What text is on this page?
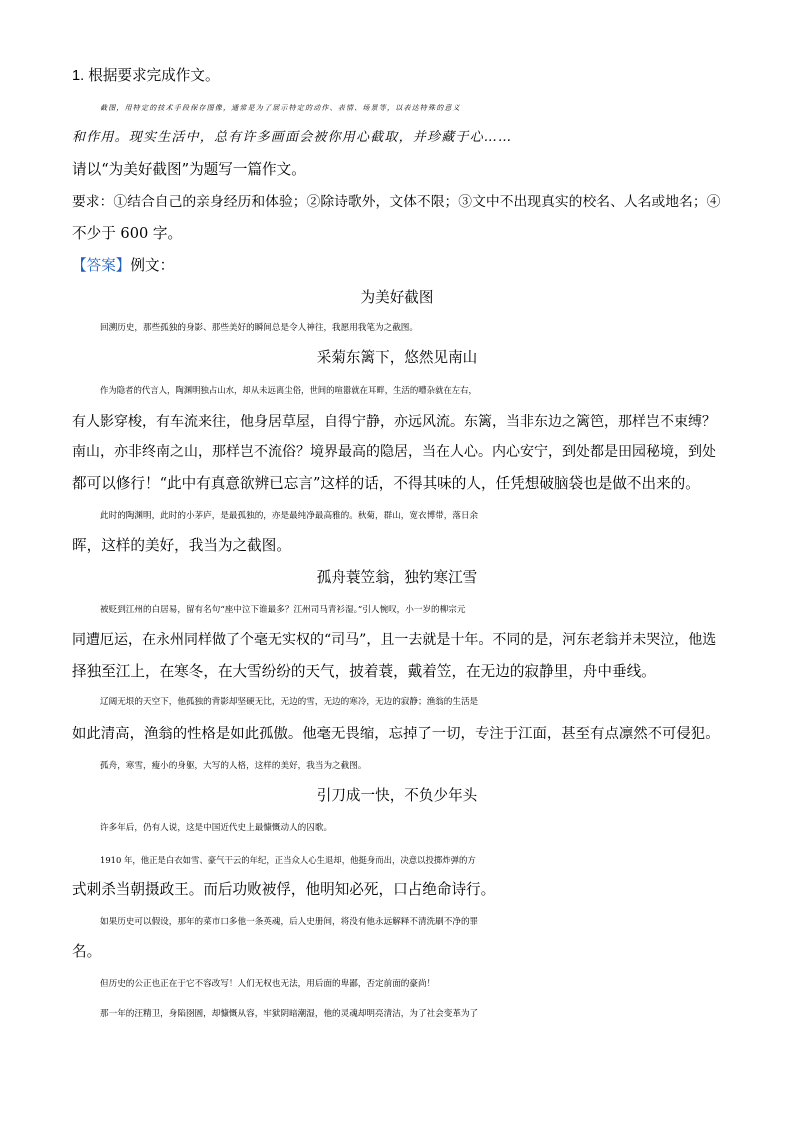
1. 根据要求完成作文。
截图，用特定的技术手段保存图像，通常是为了展示特定的动作、表情、场景等，以表达特殊的意义
和作用。现实生活中，总有许多画面会被你用心截取，并珍藏于心……
请以“为美好截图”为题写一篇作文。
要求：①结合自己的亲身经历和体验；②除诗歌外，文体不限；③文中不出现真实的校名、人名或地名；④
不少于 600 字。
【答案】例文：
为美好截图
回溯历史，那些孤独的身影、那些美好的瞬间总是令人神往，我愿用我笔为之截图。
采菊东篱下，悠然见南山
作为隐者的代言人，陶渊明独占山水，却从未远离尘俗，世间的喧嚣就在耳畔，生活的嘈杂就在左右，
有人影穿梭，有车流来往，他身居草屋，自得宁静，亦远风流。东篱，当非东边之篱笆，那样岂不束缚？
南山，亦非终南之山，那样岂不流俗？境界最高的隐居，当在人心。内心安宁，到处都是田园秘境，到处
都可以修行！“此中有真意欲辨已忘言”这样的话，不得其味的人，任凭想破脑袋也是做不出来的。
此时的陶渊明，此时的小茅庐，是最孤独的，亦是最纯净最高雅的。秋菊，群山，宽衣博带，落日余
晖，这样的美好，我当为之截图。
孤舟蓑笠翁，独钓寒江雪
被贬到江州的白居易，留有名句“座中泣下谁最多？江州司马青衫湿。”引人惋叹，小一岁的柳宗元
同遭厄运，在永州同样做了个毫无实权的“司马”，且一去就是十年。不同的是，河东老翁并未哭泣，他选
择独至江上，在寒冬，在大雪纷纷的天气，披着蓑，戴着笠，在无边的寂静里，舟中垂线。
辽阔无垠的天空下，他孤独的背影却坚硬无比，无边的雪，无边的寒冷，无边的寂静；渔翁的生活是
如此清高，渔翁的性格是如此孤傲。他毫无畏缩，忘掉了一切，专注于江面，甚至有点凛然不可侵犯。
孤舟，寒雪，瘦小的身躯，大写的人格，这样的美好，我当为之截图。
引刀成一快，不负少年头
许多年后，仍有人说，这是中国近代史上最慷慨动人的囚歌。
1910 年，他正是白衣如雪、豪气干云的年纪，正当众人心生退却，他挺身而出，决意以投掷炸弹的方
式刺杀当朝摄政王。而后功败被俘，他明知必死，口占绝命诗行。
如果历史可以假设，那年的菜市口多他一条英魂，后人史册间，将没有他永远解释不清洗刷不净的罪
名。
但历史的公正也正在于它不容改写！人们无权也无法，用后面的卑鄙，否定前面的豪尚！
那一年的汪精卫，身陷囹圄，却慷慨从容，牢狱阴暗潮湿，他的灵魂却明亮清洁，为了社会变革为了
